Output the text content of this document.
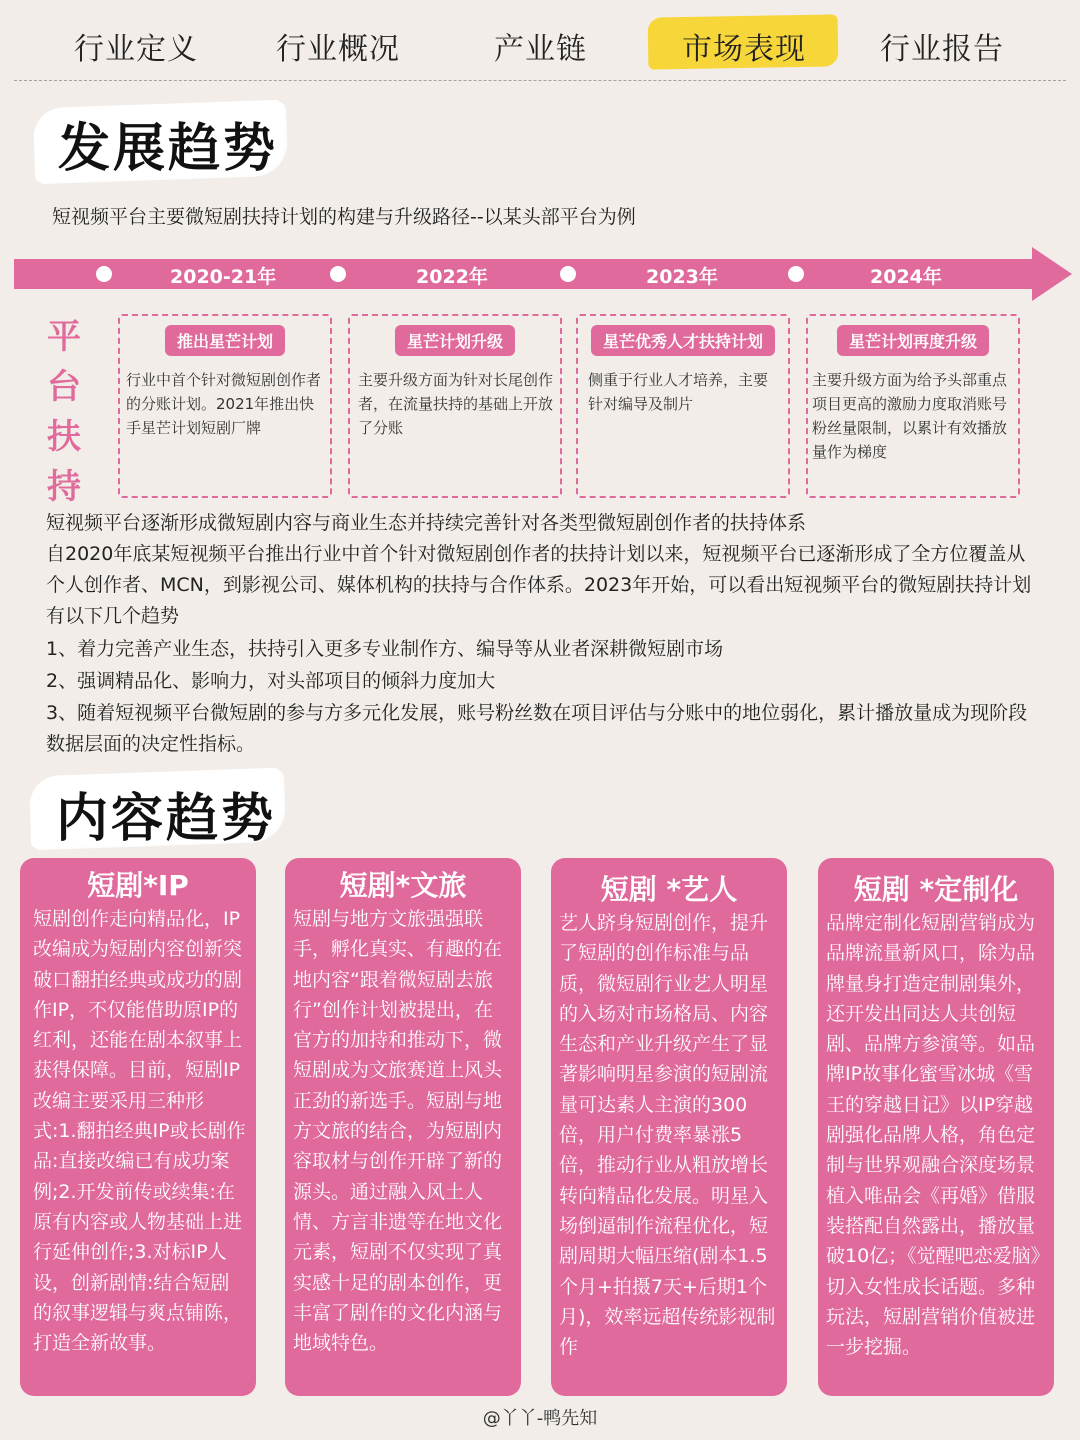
行业定义	行业概况	产业链	市场表现 行业报告
发展趋势
短视频平台主要微短剧扶持计划的构建与升级路径--以某头部平台为例
2020-21年	2022年	2023年	2024年
平
台
扶
持
推出星芒计划
行业中首个针对微短剧创作者的分账计划。2021年推出快手星芒计划短剧厂牌
星芒计划升级
主要升级方面为针对长尾创作者，在流量扶持的基础上开放了分账
星芒优秀人才扶持计划
侧重于行业人才培养，主要针对编导及制片
星芒计划再度升级
主要升级方面为给予头部重点项目更高的激励力度取消账号粉丝量限制，以累计有效播放量作为梯度
短视频平台逐渐形成微短剧内容与商业生态并持续完善针对各类型微短剧创作者的扶持体系
自2020年底某短视频平台推出行业中首个针对微短剧创作者的扶持计划以来，短视频平台已逐渐形成了全方位覆盖从个人创作者、MCN，到影视公司、媒体机构的扶持与合作体系。2023年开始，可以看出短视频平台的微短剧扶持计划有以下几个趋势
1、着力完善产业生态，扶持引入更多专业制作方、编导等从业者深耕微短剧市场
2、强调精品化、影响力，对头部项目的倾斜力度加大
3、随着短视频平台微短剧的参与方多元化发展，账号粉丝数在项目评估与分账中的地位弱化，累计播放量成为现阶段数据层面的决定性指标。
内容趋势
短剧*IP
短剧创作走向精品化，IP改编成为短剧内容创新突破口翻拍经典或成功的剧作IP，不仅能借助原IP的红利，还能在剧本叙事上获得保障。目前，短剧IP改编主要采用三种形式:1.翻拍经典IP或长剧作品:直接改编已有成功案例;2.开发前传或续集:在原有内容或人物基础上进行延伸创作;3.对标IP人设，创新剧情:结合短剧的叙事逻辑与爽点铺陈，打造全新故事。
短剧*文旅
短剧与地方文旅强强联手，孵化真实、有趣的在地内容“跟着微短剧去旅行”创作计划被提出，在官方的加持和推动下，微短剧成为文旅赛道上风头正劲的新选手。短剧与地方文旅的结合，为短剧内容取材与创作开辟了新的源头。通过融入风土人情、方言非遗等在地文化元素，短剧不仅实现了真实感十足的剧本创作，更丰富了剧作的文化内涵与地域特色。
短剧 *艺人
艺人跻身短剧创作，提升了短剧的创作标准与品质，微短剧行业艺人明星的入场对市场格局、内容生态和产业升级产生了显著影响明星参演的短剧流量可达素人主演的300倍，用户付费率暴涨5倍，推动行业从粗放增长转向精品化发展。明星入场倒逼制作流程优化，短剧周期大幅压缩(剧本1.5个月+拍摄7天+后期1个月)，效率远超传统影视制作
短剧 *定制化
品牌定制化短剧营销成为品牌流量新风口，除为品牌量身打造定制剧集外，还开发出同达人共创短剧、品牌方参演等。如品牌IP故事化蜜雪冰城《雪王的穿越日记》以IP穿越剧强化品牌人格，角色定制与世界观融合深度场景植入唯品会《再婚》借服装搭配自然露出，播放量破10亿；《觉醒吧恋爱脑》切入女性成长话题。多种玩法，短剧营销价值被进一步挖掘。
@丫丫-鸭先知
